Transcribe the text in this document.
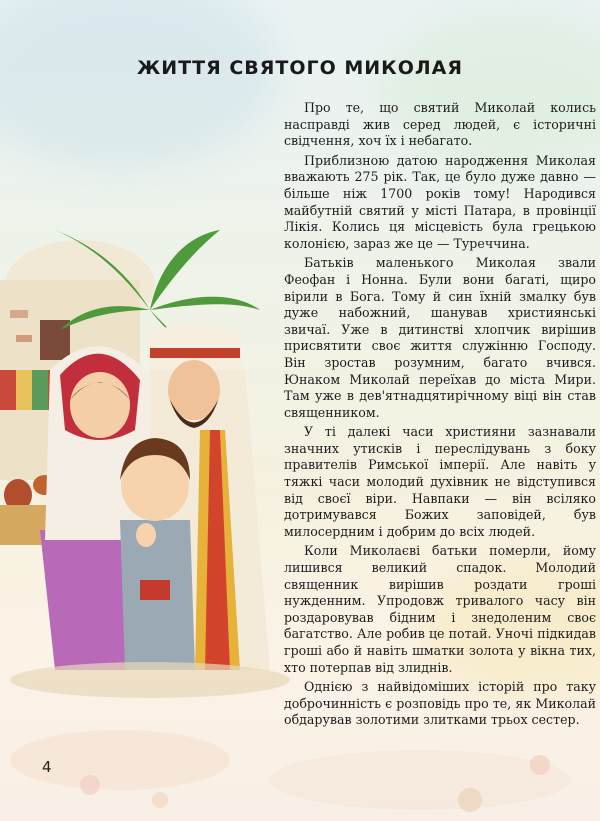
ЖИТТЯ СВЯТОГО МИКОЛАЯ

Про те, що святий Миколай колись насправді жив серед людей, є історичні свідчення, хоч їх і небагато.

Приблизною датою народження Миколая вважають 275 рік. Так, це було дуже давно — більше ніж 1700 років тому! Народився майбутній святий у місті Патара, в провінції Лікія. Колись ця місцевість була грецькою колонією, зараз же це — Туреччина.

Батьків маленького Миколая звали Феофан і Нонна. Були вони багаті, щиро вірили в Бога. Тому й син їхній змалку був дуже набожний, шанував християнські звичаї. Уже в дитинстві хлопчик вирішив присвятити своє життя служінню Господу. Він зростав розумним, багато вчився. Юнаком Миколай переїхав до міста Мири. Там уже в дев'ятнадцятирічному віці він став священником.

У ті далекі часи християни зазнавали значних утисків і переслідувань з боку правителів Римської імперії. Але навіть у тяжкі часи молодий духівник не відступився від своєї віри. Навпаки — він всіляко дотримувався Божих заповідей, був милосердним і добрим до всіх людей.

Коли Миколаєві батьки померли, йому лишився великий спадок. Молодий священник вирішив роздати гроші нужденним. Упродовж тривалого часу він роздаровував бідним і знедоленим своє багатство. Але робив це потай. Уночі підкидав гроші або й навіть шматки золота у вікна тих, хто потерпав від злиднів.

Однією з найвідоміших історій про таку доброчинність є розповідь про те, як Миколай обдарував золотими злитками трьох сестер.

4
